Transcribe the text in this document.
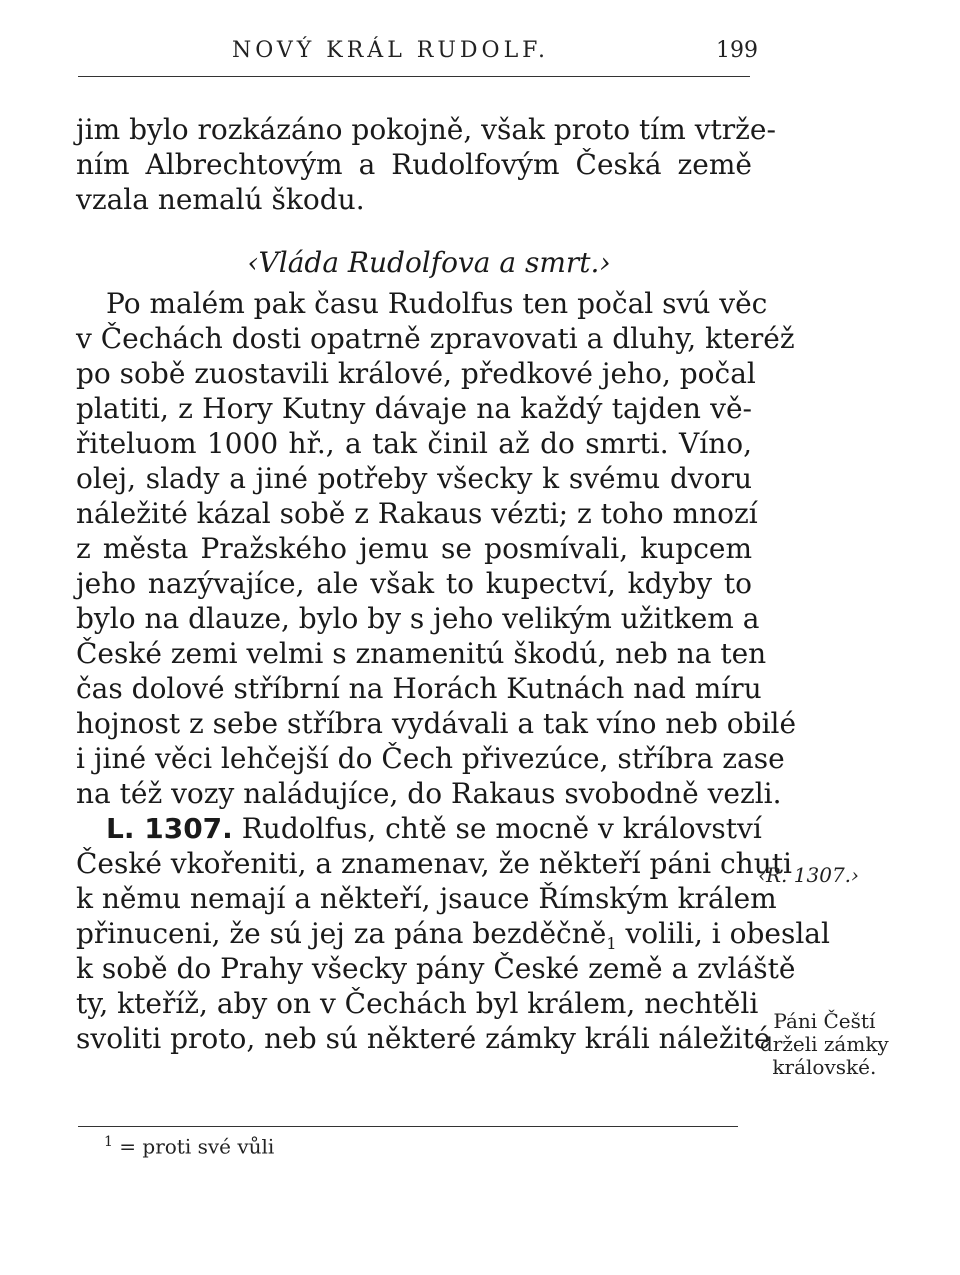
NOVÝ KRÁL RUDOLF.	199
jim bylo rozkázáno pokojně, však proto tím vtrže-
ním Albrechtovým a Rudolfovým Česká země
vzala nemalú škodu.
‹Vláda Rudolfova a smrt.›
Po malém pak času Rudolfus ten počal svú věc
v Čechách dosti opatrně zpravovati a dluhy, kteréž
po sobě zuostavili králové, předkové jeho, počal
platiti, z Hory Kutny dávaje na každý tajden vě-
řiteluom 1000 hř., a tak činil až do smrti. Víno,
olej, slady a jiné potřeby všecky k svému dvoru
náležité kázal sobě z Rakaus vézti; z toho mnozí
z města Pražského jemu se posmívali, kupcem
jeho nazývajíce, ale však to kupectví, kdyby to
bylo na dlauze, bylo by s jeho velikým užitkem a
České zemi velmi s znamenitú škodú, neb na ten
čas dolové stříbrní na Horách Kutnách nad míru
hojnost z sebe stříbra vydávali a tak víno neb obilé
i jiné věci lehčejší do Čech přivezúce, stříbra zase
na též vozy naládujíce, do Rakaus svobodně vezli.
L. 1307. Rudolfus, chtě se mocně v království
České vkořeniti, a znamenav, že někteří páni chuti
k němu nemají a někteří, jsauce Římským králem
přinuceni, že sú jej za pána bezděčně$_1$ volili, i obeslal
k sobě do Prahy všecky pány České země a zvláště
ty, kteříž, aby on v Čechách byl králem, nechtěli
svoliti proto, neb sú některé zámky králi náležité
‹R. 1307.›
Páni Čeští
drželi zámky
královské.
$^1$ = proti své vůli
